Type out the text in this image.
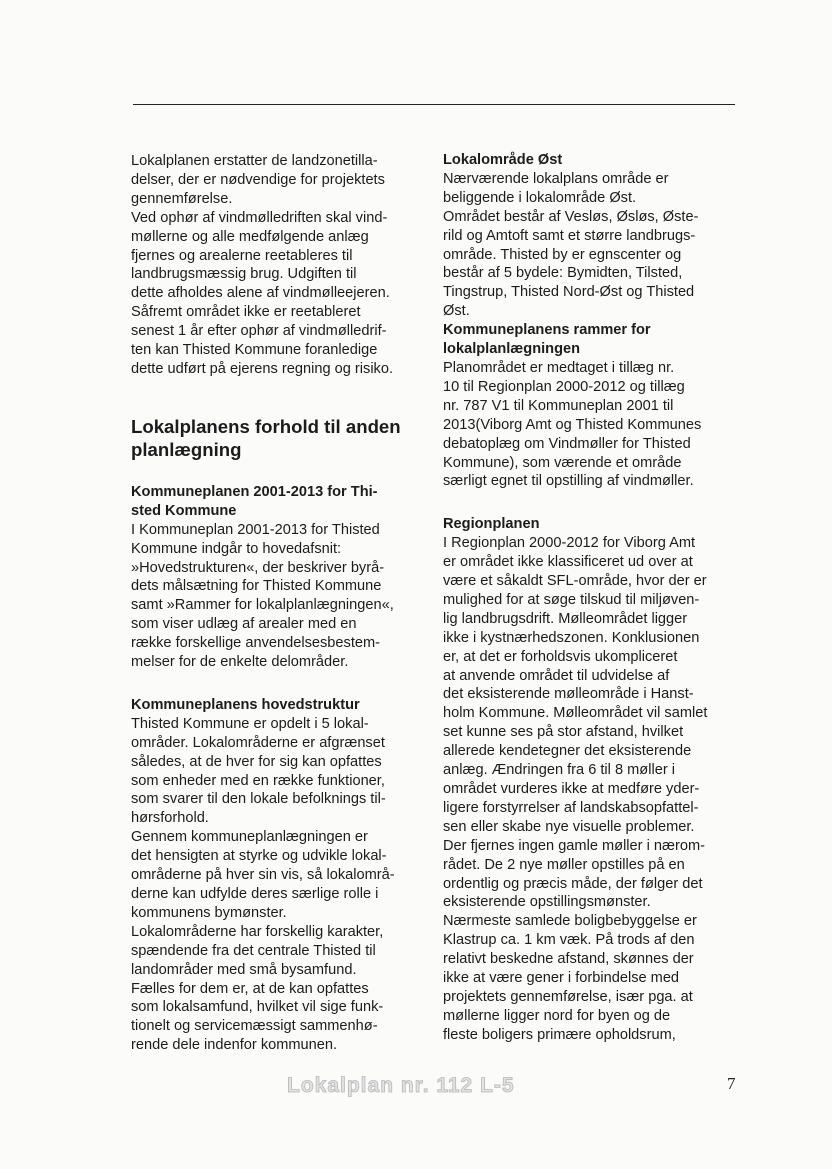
Lokalplanen erstatter de landzonetilla-
delser, der er nødvendige for projektets
gennemførelse.

Ved ophør af vindmølledriften skal vind-
møllerne og alle medfølgende anlæg
fjernes og arealerne reetableres til
landbrugsmæssig brug. Udgiften til
dette afholdes alene af vindmølleejeren.
Såfremt området ikke er reetableret
senest 1 år efter ophør af vindmølledrif-
ten kan Thisted Kommune foranledige
dette udført på ejerens regning og risiko.

Lokalplanens forhold til anden
planlægning

Kommuneplanen 2001-2013 for Thi-
sted Kommune

I Kommuneplan 2001-2013 for Thisted
Kommune indgår to hovedafsnit:
»Hovedstrukturen«, der beskriver byrå-
dets målsætning for Thisted Kommune
samt »Rammer for lokalplanlægningen«,
som viser udlæg af arealer med en
række forskellige anvendelsesbestem-
melser for de enkelte delområder.

Kommuneplanens hovedstruktur

Thisted Kommune er opdelt i 5 lokal-
områder. Lokalområderne er afgrænset
således, at de hver for sig kan opfattes
som enheder med en række funktioner,
som svarer til den lokale befolknings til-
hørsforhold.

Gennem kommuneplanlægningen er
det hensigten at styrke og udvikle lokal-
områderne på hver sin vis, så lokalområ-
derne kan udfylde deres særlige rolle i
kommunens bymønster.

Lokalområderne har forskellig karakter,
spændende fra det centrale Thisted til
landområder med små bysamfund.
Fælles for dem er, at de kan opfattes
som lokalsamfund, hvilket vil sige funk-
tionelt og servicemæssigt sammenhø-
rende dele indenfor kommunen.

Lokalområde Øst

Nærværende lokalplans område er
beliggende i lokalområde Øst.

Området består af Vesløs, Øsløs, Øste-
rild og Amtoft samt et større landbrugs-
område. Thisted by er egnscenter og
består af 5 bydele: Bymidten, Tilsted,
Tingstrup, Thisted Nord-Øst og Thisted
Øst.

Kommuneplanens rammer for
lokalplanlægningen

Planområdet er medtaget i tillæg nr.
10 til Regionplan 2000-2012 og tillæg
nr. 787 V1 til Kommuneplan 2001 til
2013(Viborg Amt og Thisted Kommunes
debatoplæg om Vindmøller for Thisted
Kommune), som værende et område
særligt egnet til opstilling af vindmøller.

Regionplanen

I Regionplan 2000-2012 for Viborg Amt
er området ikke klassificeret ud over at
være et såkaldt SFL-område, hvor der er
mulighed for at søge tilskud til miljøven-
lig landbrugsdrift. Mølleområdet ligger
ikke i kystnærhedszonen. Konklusionen
er, at det er forholdsvis ukompliceret
at anvende området til udvidelse af
det eksisterende mølleområde i Hanst-
holm Kommune. Mølleområdet vil samlet
set kunne ses på stor afstand, hvilket
allerede kendetegner det eksisterende
anlæg. Ændringen fra 6 til 8 møller i
området vurderes ikke at medføre yder-
ligere forstyrrelser af landskabsopfattel-
sen eller skabe nye visuelle problemer.
Der fjernes ingen gamle møller i nærom-
rådet. De 2 nye møller opstilles på en
ordentlig og præcis måde, der følger det
eksisterende opstillingsmønster.

Nærmeste samlede boligbebyggelse er
Klastrup ca. 1 km væk. På trods af den
relativt beskedne afstand, skønnes der
ikke at være gener i forbindelse med
projektets gennemførelse, især pga. at
møllerne ligger nord for byen og de
fleste boligers primære opholdsrum,

Lokalplan nr. 112 L-5	7
